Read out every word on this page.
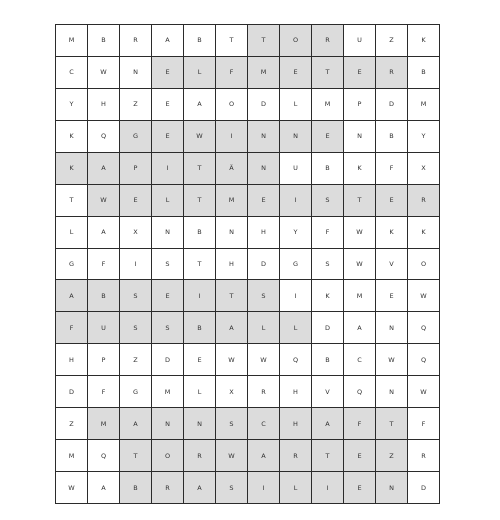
M	B	R	A	B	T	T	O	R	U	Z	K
C	W	N	E	L	F	M	E	T	E	R	B
Y	H	Z	E	A	O	D	L	M	P	D	M
K	Q	G	E	W	I	N	N	E	N	B	Y
K	A	P	I	T	Ä	N	U	B	K	F	X
T	W	E	L	T	M	E	I	S	T	E	R
L	A	X	N	B	N	H	Y	F	W	K	K
G	F	I	S	T	H	D	G	S	W	V	O
A	B	S	E	I	T	S	I	K	M	E	W
F	U	S	S	B	A	L	L	D	A	N	Q
H	P	Z	D	E	W	W	Q	B	C	W	Q
D	F	G	M	L	X	R	H	V	Q	N	W
Z	M	A	N	N	S	C	H	A	F	T	F
M	Q	T	O	R	W	A	R	T	E	Z	R
W	A	B	R	A	S	I	L	I	E	N	D
